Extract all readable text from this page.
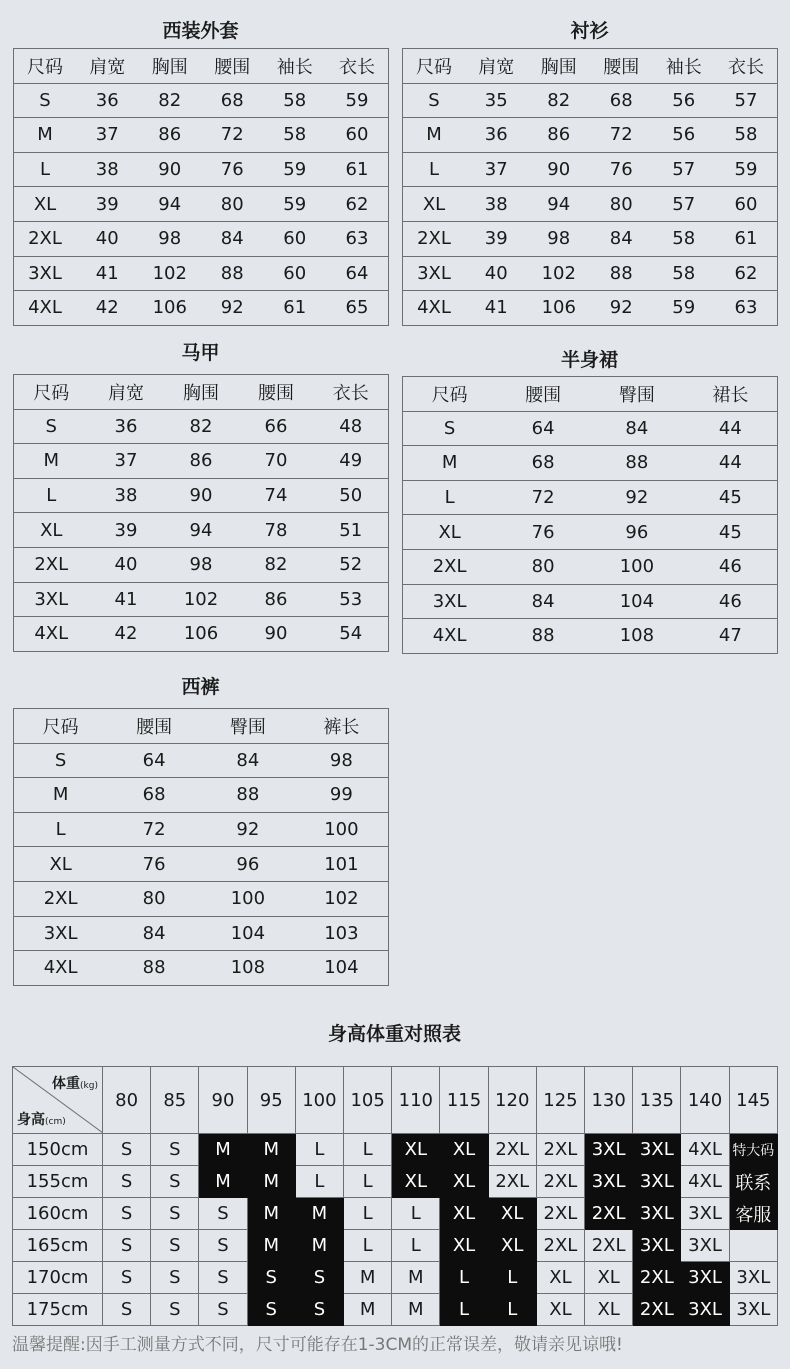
西装外套
尺码	肩宽	胸围	腰围	袖长	衣长
S	36	82	68	58	59
M	37	86	72	58	60
L	38	90	76	59	61
XL	39	94	80	59	62
2XL	40	98	84	60	63
3XL	41	102	88	60	64
4XL	42	106	92	61	65
衬衫
尺码	肩宽	胸围	腰围	袖长	衣长
S	35	82	68	56	57
M	36	86	72	56	58
L	37	90	76	57	59
XL	38	94	80	57	60
2XL	39	98	84	58	61
3XL	40	102	88	58	62
4XL	41	106	92	59	63
马甲
尺码	肩宽	胸围	腰围	衣长
S	36	82	66	48
M	37	86	70	49
L	38	90	74	50
XL	39	94	78	51
2XL	40	98	82	52
3XL	41	102	86	53
4XL	42	106	90	54
半身裙
尺码	腰围	臀围	裙长
S	64	84	44
M	68	88	44
L	72	92	45
XL	76	96	45
2XL	80	100	46
3XL	84	104	46
4XL	88	108	47
西裤
尺码	腰围	臀围	裤长
S	64	84	98
M	68	88	99
L	72	92	100
XL	76	96	101
2XL	80	100	102
3XL	84	104	103
4XL	88	108	104
身高体重对照表
体重(kg)
身高(cm)
	80	85	90	95	100	105	110	115	120	125	130	135	140	145
150cm	S	S	M	M	L	L	XL	XL	2XL	2XL	3XL	3XL	4XL	特大码
155cm	S	S	M	M	L	L	XL	XL	2XL	2XL	3XL	3XL	4XL	联系
160cm	S	S	S	M	M	L	L	XL	XL	2XL	2XL	3XL	3XL	客服
165cm	S	S	S	M	M	L	L	XL	XL	2XL	2XL	3XL	3XL	
170cm	S	S	S	S	S	M	M	L	L	XL	XL	2XL	3XL	3XL
175cm	S	S	S	S	S	M	M	L	L	XL	XL	2XL	3XL	3XL
温馨提醒:因手工测量方式不同，尺寸可能存在1-3CM的正常误差，敬请亲见谅哦!
